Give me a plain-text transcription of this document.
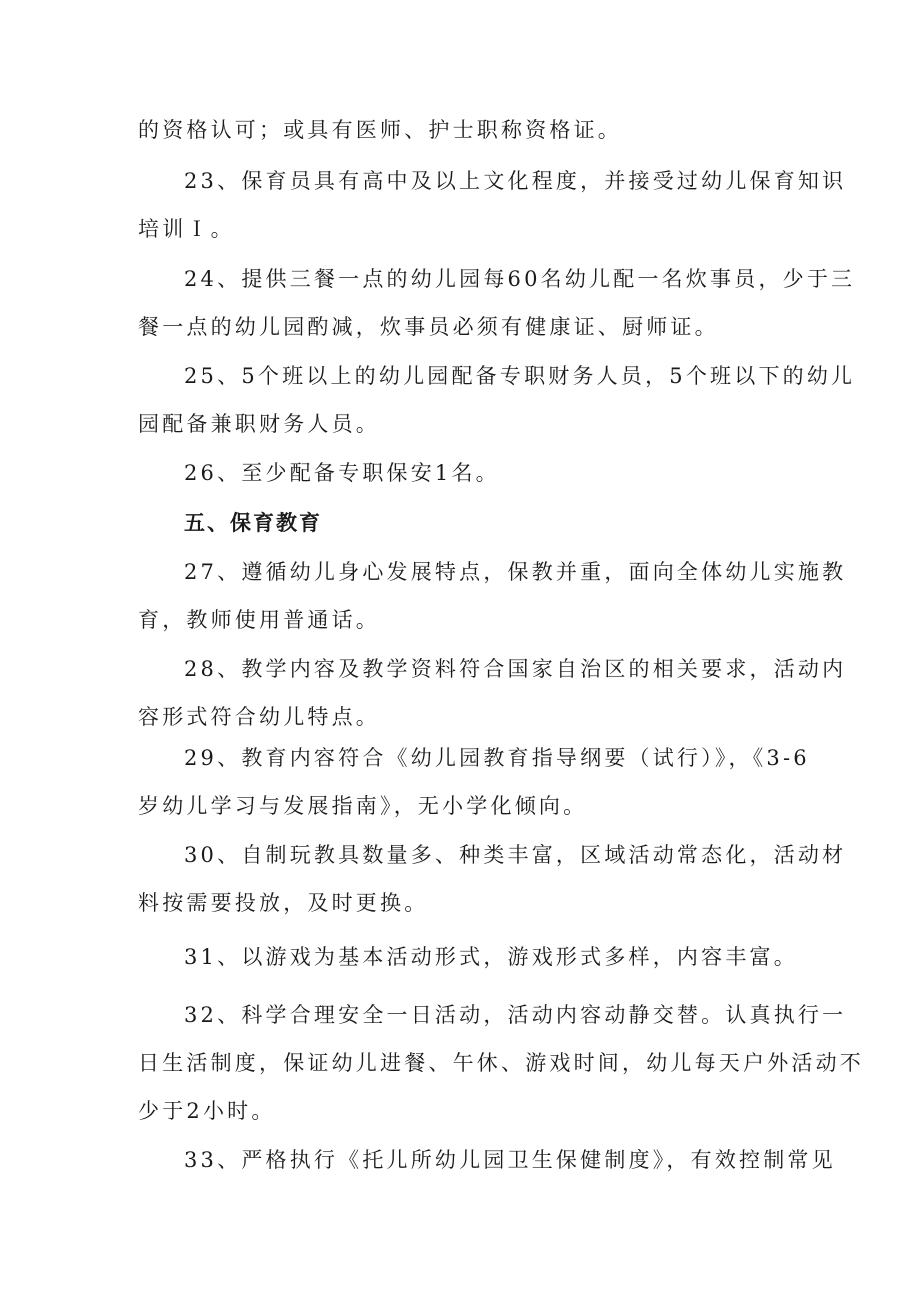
的资格认可；或具有医师、护士职称资格证。
23、保育员具有高中及以上文化程度，并接受过幼儿保育知识
培训Ｉ。
24、提供三餐一点的幼儿园每60名幼儿配一名炊事员，少于三
餐一点的幼儿园酌减，炊事员必须有健康证、厨师证。
25、5个班以上的幼儿园配备专职财务人员，5个班以下的幼儿
园配备兼职财务人员。
26、至少配备专职保安1名。
五、保育教育
27、遵循幼儿身心发展特点，保教并重，面向全体幼儿实施教
育，教师使用普通话。
28、教学内容及教学资料符合国家自治区的相关要求，活动内
容形式符合幼儿特点。
29、教育内容符合《幼儿园教育指导纲要（试行）》，《3-6
岁幼儿学习与发展指南》，无小学化倾向。
30、自制玩教具数量多、种类丰富，区域活动常态化，活动材
料按需要投放，及时更换。
31、以游戏为基本活动形式，游戏形式多样，内容丰富。
32、科学合理安全一日活动，活动内容动静交替。认真执行一
日生活制度，保证幼儿进餐、午休、游戏时间，幼儿每天户外活动不
少于2小时。
33、严格执行《托儿所幼儿园卫生保健制度》，有效控制常见
